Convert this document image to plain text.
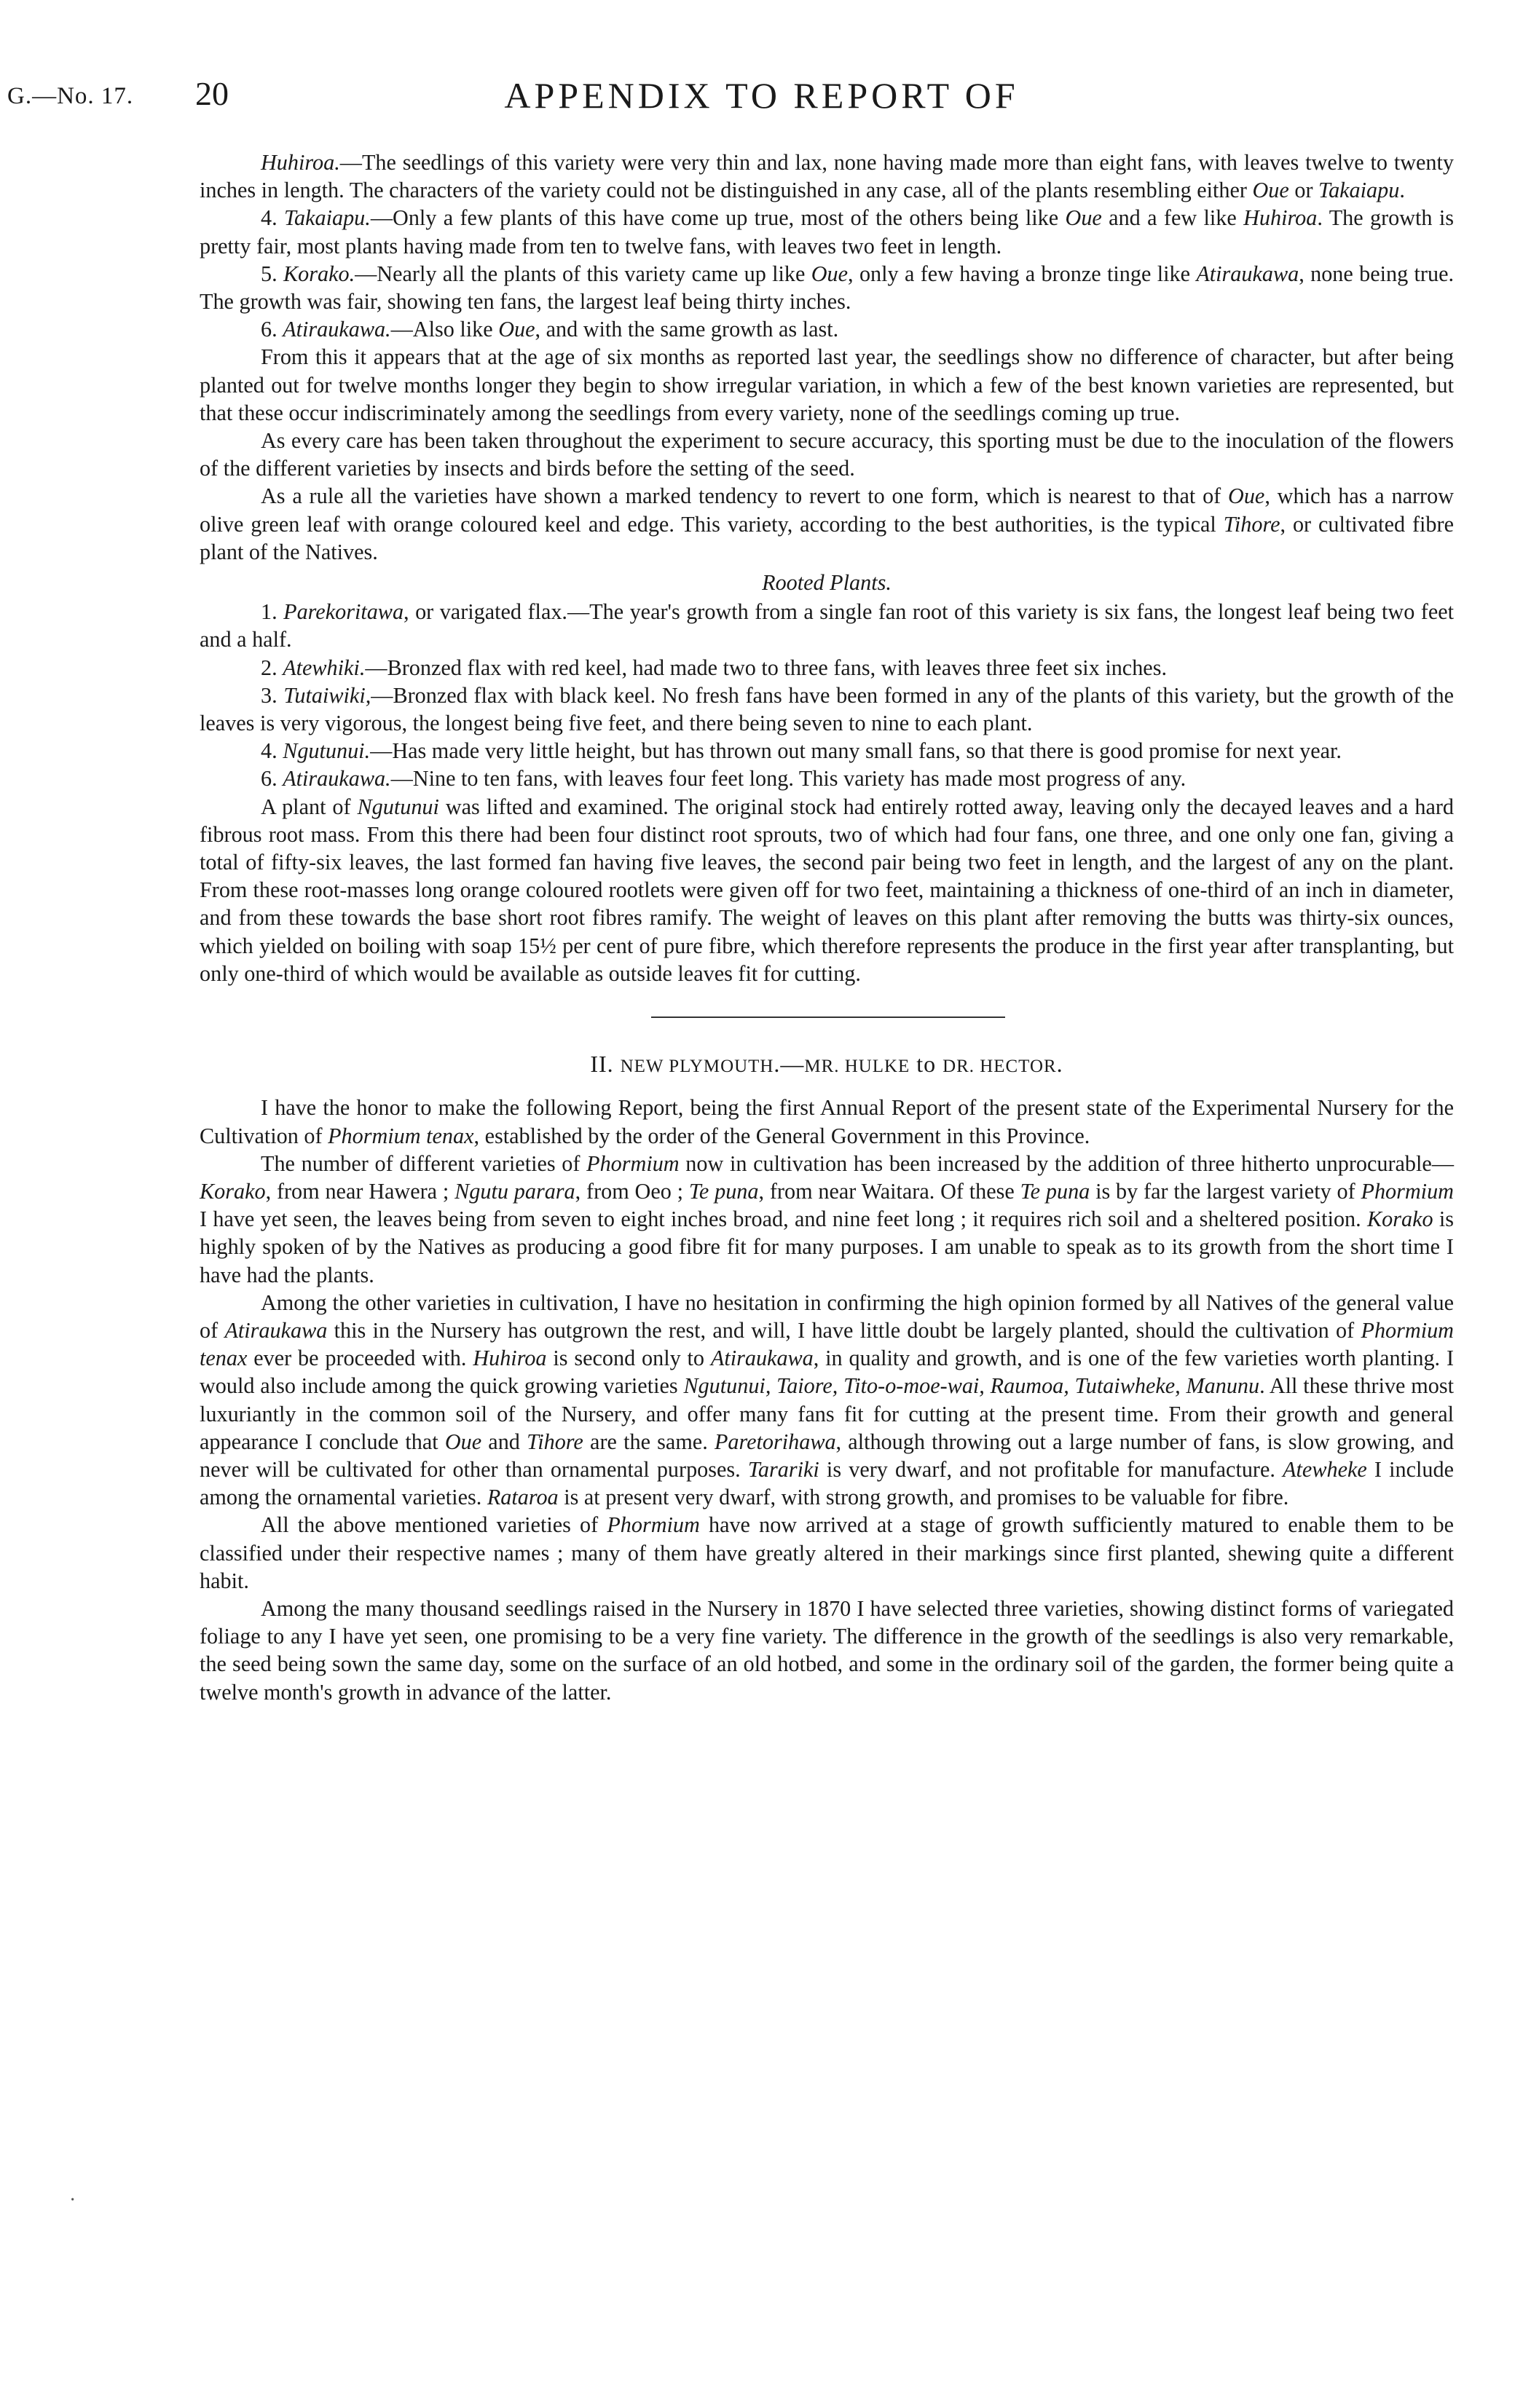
G.—No. 17. 20	APPENDIX TO REPORT OF

Huhiroa.—The seedlings of this variety were very thin and lax, none having made more than eight fans, with leaves twelve to twenty inches in length. The characters of the variety could not be distinguished in any case, all of the plants resembling either Oue or Takaiapu.

4. Takaiapu.—Only a few plants of this have come up true, most of the others being like Oue and a few like Huhiroa. The growth is pretty fair, most plants having made from ten to twelve fans, with leaves two feet in length.

5. Korako.—Nearly all the plants of this variety came up like Oue, only a few having a bronze tinge like Atiraukawa, none being true. The growth was fair, showing ten fans, the largest leaf being thirty inches.

6. Atiraukawa.—Also like Oue, and with the same growth as last.

From this it appears that at the age of six months as reported last year, the seedlings show no difference of character, but after being planted out for twelve months longer they begin to show irregular variation, in which a few of the best known varieties are represented, but that these occur indiscriminately among the seedlings from every variety, none of the seedlings coming up true.

As every care has been taken throughout the experiment to secure accuracy, this sporting must be due to the inoculation of the flowers of the different varieties by insects and birds before the setting of the seed.

As a rule all the varieties have shown a marked tendency to revert to one form, which is nearest to that of Oue, which has a narrow olive green leaf with orange coloured keel and edge. This variety, according to the best authorities, is the typical Tihore, or cultivated fibre plant of the Natives.

Rooted Plants.

1. Parekoritawa, or varigated flax.—The year's growth from a single fan root of this variety is six fans, the longest leaf being two feet and a half.

2. Atewhiki.—Bronzed flax with red keel, had made two to three fans, with leaves three feet six inches.

3. Tutaiwiki,—Bronzed flax with black keel. No fresh fans have been formed in any of the plants of this variety, but the growth of the leaves is very vigorous, the longest being five feet, and there being seven to nine to each plant.

4. Ngutunui.—Has made very little height, but has thrown out many small fans, so that there is good promise for next year.

6. Atiraukawa.—Nine to ten fans, with leaves four feet long. This variety has made most progress of any.

A plant of Ngutunui was lifted and examined. The original stock had entirely rotted away, leaving only the decayed leaves and a hard fibrous root mass. From this there had been four distinct root sprouts, two of which had four fans, one three, and one only one fan, giving a total of fifty-six leaves, the last formed fan having five leaves, the second pair being two feet in length, and the largest of any on the plant. From these root-masses long orange coloured rootlets were given off for two feet, maintaining a thickness of one-third of an inch in diameter, and from these towards the base short root fibres ramify. The weight of leaves on this plant after removing the butts was thirty-six ounces, which yielded on boiling with soap 15½ per cent of pure fibre, which therefore represents the produce in the first year after transplanting, but only one-third of which would be available as outside leaves fit for cutting.

II. NEW PLYMOUTH.—MR. HULKE to DR. HECTOR.

I have the honor to make the following Report, being the first Annual Report of the present state of the Experimental Nursery for the Cultivation of Phormium tenax, established by the order of the General Government in this Province.

The number of different varieties of Phormium now in cultivation has been increased by the addition of three hitherto unprocurable—Korako, from near Hawera ; Ngutu parara, from Oeo ; Te puna, from near Waitara. Of these Te puna is by far the largest variety of Phormium I have yet seen, the leaves being from seven to eight inches broad, and nine feet long ; it requires rich soil and a sheltered position. Korako is highly spoken of by the Natives as producing a good fibre fit for many purposes. I am unable to speak as to its growth from the short time I have had the plants.

Among the other varieties in cultivation, I have no hesitation in confirming the high opinion formed by all Natives of the general value of Atiraukawa this in the Nursery has outgrown the rest, and will, I have little doubt be largely planted, should the cultivation of Phormium tenax ever be proceeded with. Huhiroa is second only to Atiraukawa, in quality and growth, and is one of the few varieties worth planting. I would also include among the quick growing varieties Ngutunui, Taiore, Tito-o-moe-wai, Raumoa, Tutaiwheke, Manunu. All these thrive most luxuriantly in the common soil of the Nursery, and offer many fans fit for cutting at the present time. From their growth and general appearance I conclude that Oue and Tihore are the same. Paretorihawa, although throwing out a large number of fans, is slow growing, and never will be cultivated for other than ornamental purposes. Tarariki is very dwarf, and not profitable for manufacture. Atewheke I include among the ornamental varieties. Rataroa is at present very dwarf, with strong growth, and promises to be valuable for fibre.

All the above mentioned varieties of Phormium have now arrived at a stage of growth sufficiently matured to enable them to be classified under their respective names ; many of them have greatly altered in their markings since first planted, shewing quite a different habit.

Among the many thousand seedlings raised in the Nursery in 1870 I have selected three varieties, showing distinct forms of variegated foliage to any I have yet seen, one promising to be a very fine variety. The difference in the growth of the seedlings is also very remarkable, the seed being sown the same day, some on the surface of an old hotbed, and some in the ordinary soil of the garden, the former being quite a twelve month's growth in advance of the latter.

·
